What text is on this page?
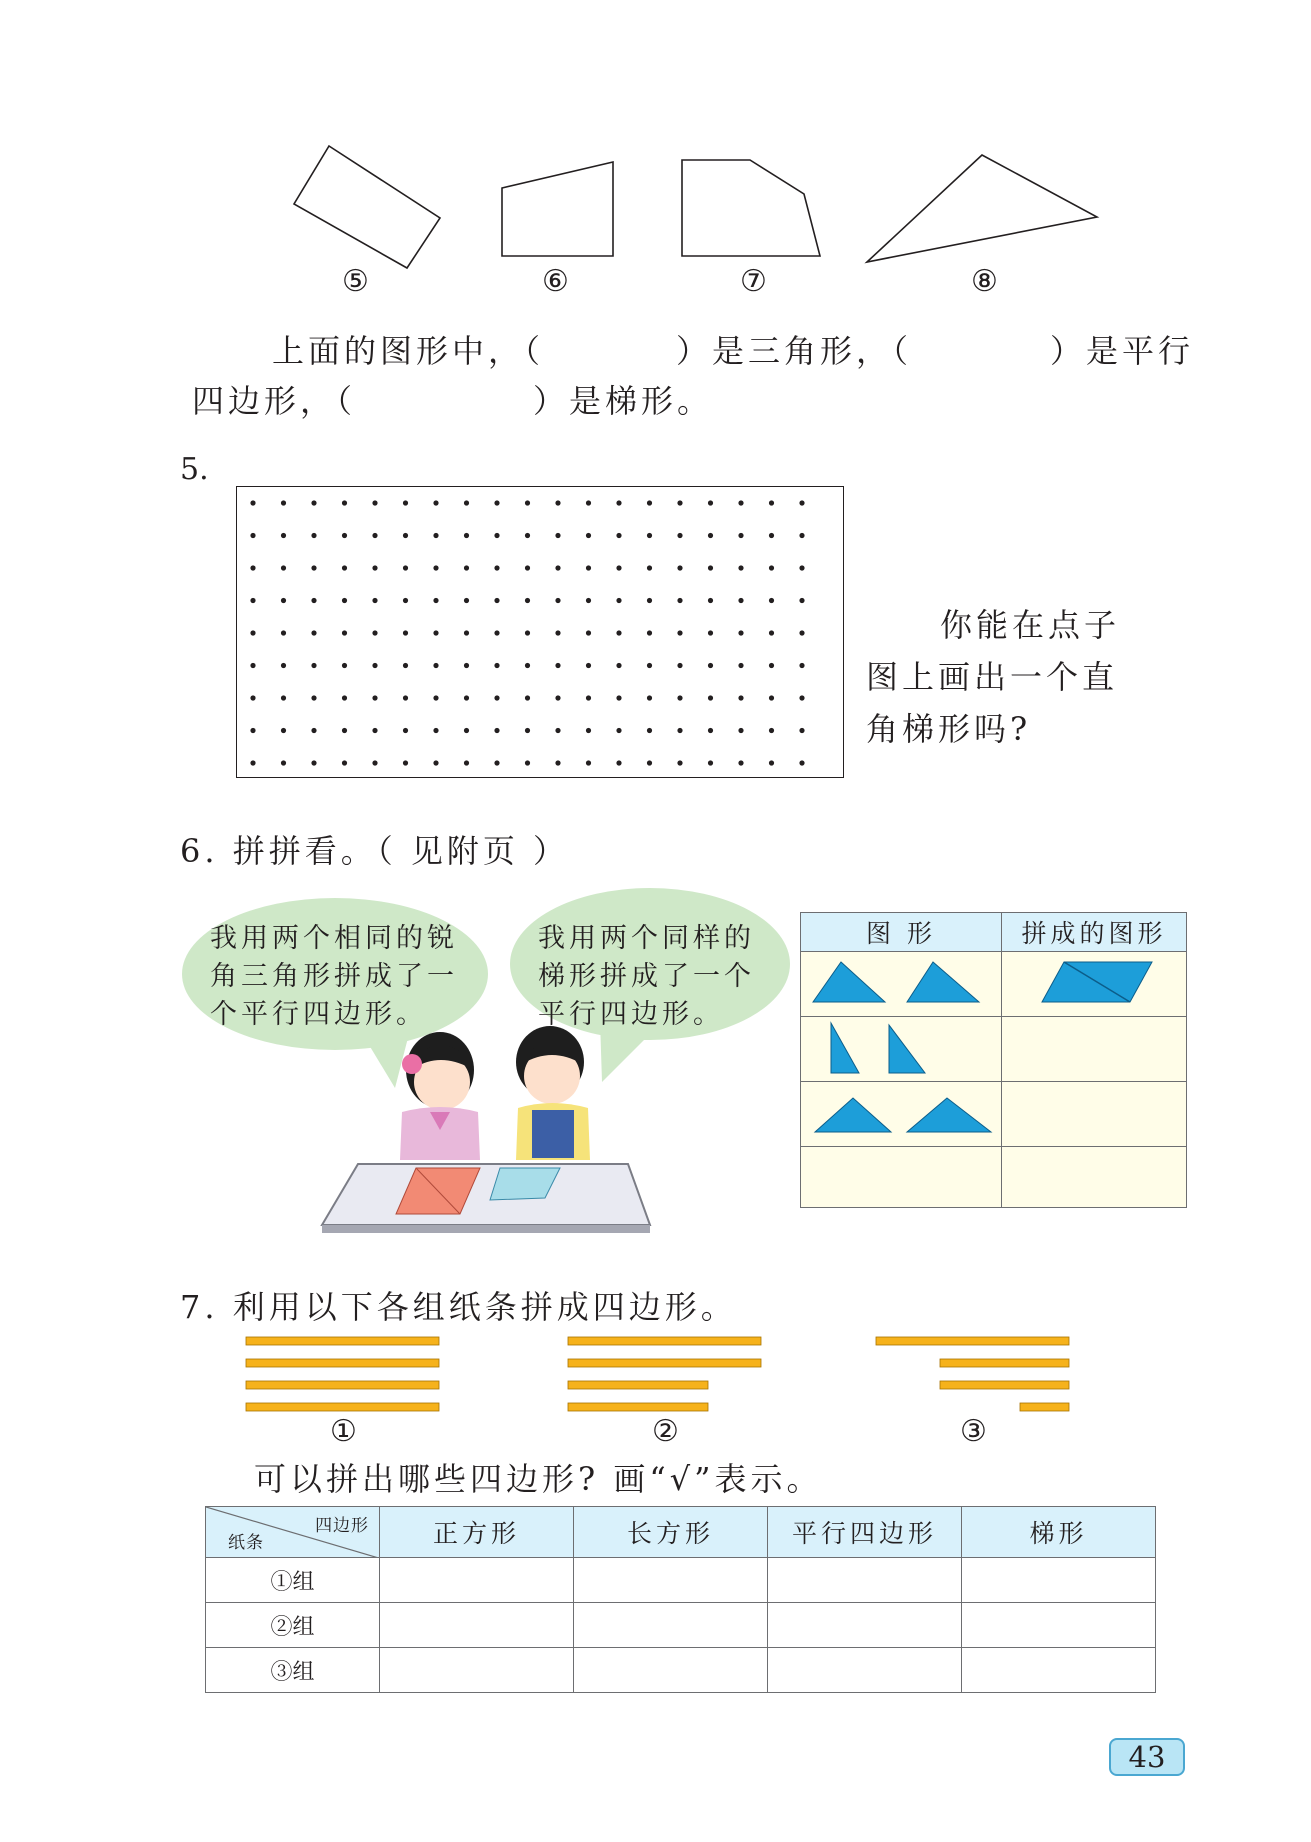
⑤	⑥	⑦	⑧
上面的图形中，（	）是三角形，（	）是平行
四边形，（	）是梯形。
5.
你能在点子
图上画出一个直
角梯形吗?
6. 拼拼看。（ 见附页 ）
我用两个相同的锐
角三角形拼成了一
个平行四边形。
我用两个同样的
梯形拼成了一个
平行四边形。
图 形	拼成的图形

7. 利用以下各组纸条拼成四边形。
①	②	③
可以拼出哪些四边形? 画“√”表示。
四边形
纸条	正方形	长方形	平行四边形	梯形
①组				
②组				
③组				
43
